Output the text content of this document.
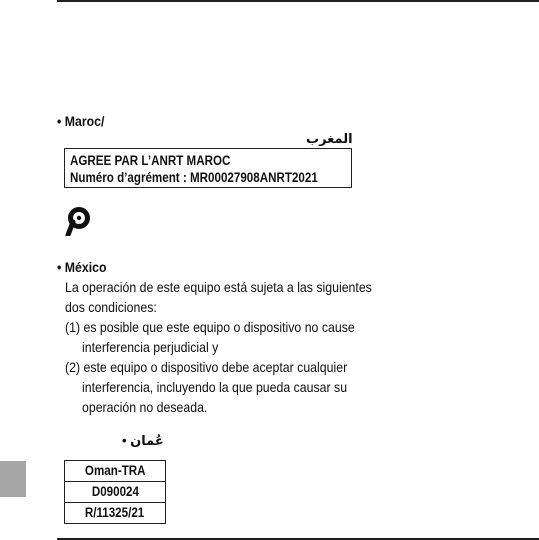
• Maroc/
المغرب
AGREE PAR L’ANRT MAROC
Numéro d’agrément : MR00027908ANRT2021
• México
La operación de este equipo está sujeta a las siguientes
dos condiciones:
(1) es posible que este equipo o dispositivo no cause
interferencia perjudicial y
(2) este equipo o dispositivo debe aceptar cualquier
interferencia, incluyendo la que pueda causar su
operación no deseada.
• عُمان
Oman-TRA
D090024
R/11325/21
